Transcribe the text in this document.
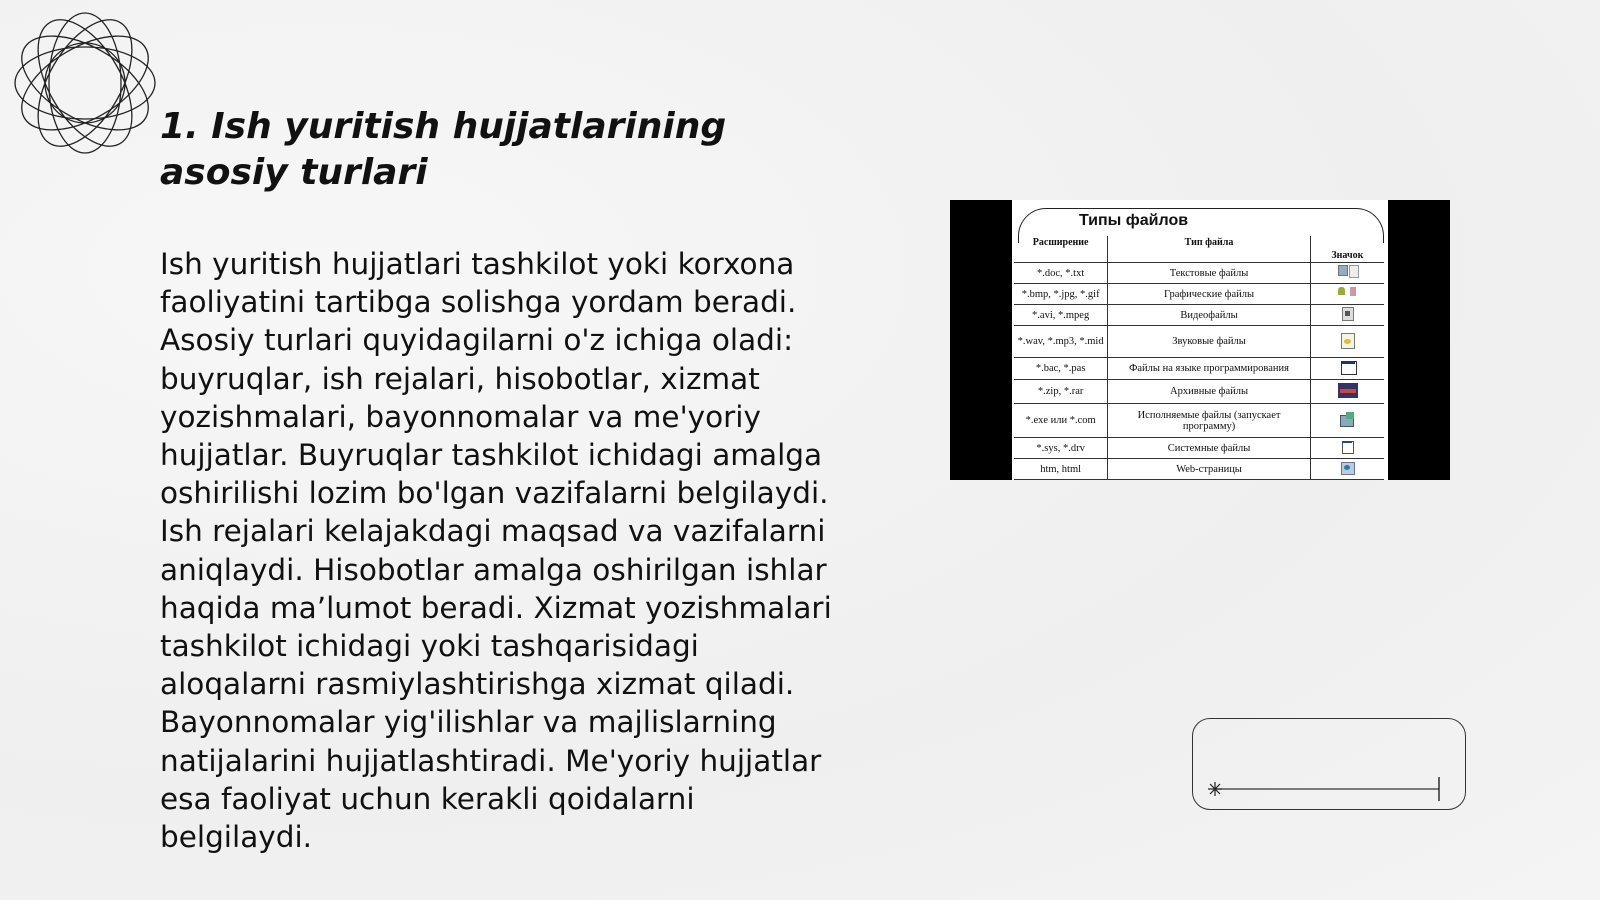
1. Ish yuritish hujjatlarining asosiy turlari

Ish yuritish hujjatlari tashkilot yoki korxona faoliyatini tartibga solishga yordam beradi. Asosiy turlari quyidagilarni o'z ichiga oladi: buyruqlar, ish rejalari, hisobotlar, xizmat yozishmalari, bayonnomalar va me'yoriy hujjatlar. Buyruqlar tashkilot ichidagi amalga oshirilishi lozim bo'lgan vazifalarni belgilaydi. Ish rejalari kelajakdagi maqsad va vazifalarni aniqlaydi. Hisobotlar amalga oshirilgan ishlar haqida ma’lumot beradi. Xizmat yozishmalari tashkilot ichidagi yoki tashqarisidagi aloqalarni rasmiylashtirishga xizmat qiladi. Bayonnomalar yig'ilishlar va majlislarning natijalarini hujjatlashtiradi. Me'yoriy hujjatlar esa faoliyat uchun kerakli qoidalarni belgilaydi.

Типы файлов
Расширение	Тип файла	Значок
*.doc, *.txt	Текстовые файлы	

*.bmp, *.jpg, *.gif	Графические файлы	

*.avi, *.mpeg	Видеофайлы	

*.wav, *.mp3, *.mid	Звуковые файлы	

*.bac, *.pas	Файлы на языке программирования	

*.zip, *.rar	Архивные файлы	

*.exe или *.com	Исполняемые файлы (запускает программу)	

*.sys, *.drv	Системные файлы	

htm, html	Web-страницы	
